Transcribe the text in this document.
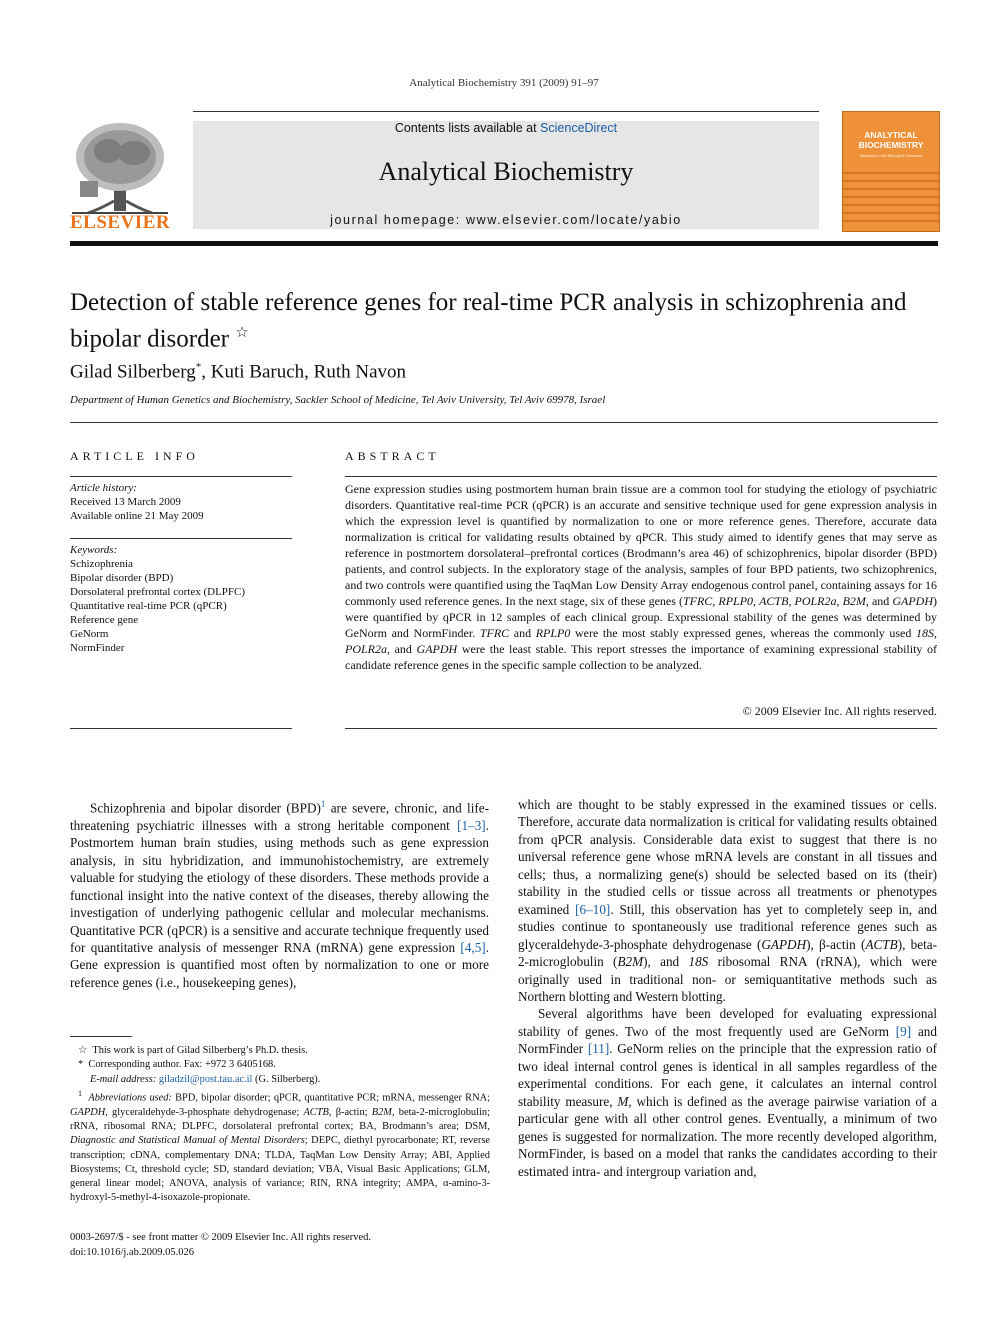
Analytical Biochemistry 391 (2009) 91–97
ELSEVIER
Contents lists available at ScienceDirect
Analytical Biochemistry
journal homepage: www.elsevier.com/locate/yabio
ANALYTICAL
BIOCHEMISTRY
Methods in the Biological Sciences
Detection of stable reference genes for real-time PCR analysis in schizophrenia and bipolar disorder ☆
Gilad Silberberg*, Kuti Baruch, Ruth Navon
Department of Human Genetics and Biochemistry, Sackler School of Medicine, Tel Aviv University, Tel Aviv 69978, Israel
ARTICLE INFO
Article history:
Received 13 March 2009
Available online 21 May 2009
Keywords:
Schizophrenia
Bipolar disorder (BPD)
Dorsolateral prefrontal cortex (DLPFC)
Quantitative real-time PCR (qPCR)
Reference gene
GeNorm
NormFinder
ABSTRACT
Gene expression studies using postmortem human brain tissue are a common tool for studying the etiology of psychiatric disorders. Quantitative real-time PCR (qPCR) is an accurate and sensitive technique used for gene expression analysis in which the expression level is quantified by normalization to one or more reference genes. Therefore, accurate data normalization is critical for validating results obtained by qPCR. This study aimed to identify genes that may serve as reference in postmortem dorsolateral–prefrontal cortices (Brodmann’s area 46) of schizophrenics, bipolar disorder (BPD) patients, and control subjects. In the exploratory stage of the analysis, samples of four BPD patients, two schizophrenics, and two controls were quantified using the TaqMan Low Density Array endogenous control panel, containing assays for 16 commonly used reference genes. In the next stage, six of these genes (TFRC, RPLP0, ACTB, POLR2a, B2M, and GAPDH) were quantified by qPCR in 12 samples of each clinical group. Expressional stability of the genes was determined by GeNorm and NormFinder. TFRC and RPLP0 were the most stably expressed genes, whereas the commonly used 18S, POLR2a, and GAPDH were the least stable. This report stresses the importance of examining expressional stability of candidate reference genes in the specific sample collection to be analyzed.
© 2009 Elsevier Inc. All rights reserved.

Schizophrenia and bipolar disorder (BPD)$^1$ are severe, chronic, and life-threatening psychiatric illnesses with a strong heritable component [1–3]. Postmortem human brain studies, using methods such as gene expression analysis, in situ hybridization, and immunohistochemistry, are extremely valuable for studying the etiology of these disorders. These methods provide a functional insight into the native context of the diseases, thereby allowing the investigation of underlying pathogenic cellular and molecular mechanisms. Quantitative PCR (qPCR) is a sensitive and accurate technique frequently used for quantitative analysis of messenger RNA (mRNA) gene expression [4,5]. Gene expression is quantified most often by normalization to one or more reference genes (i.e., housekeeping genes),

☆ This work is part of Gilad Silberberg’s Ph.D. thesis.

* Corresponding author. Fax: +972 3 6405168.

E-mail address: giladzil@post.tau.ac.il (G. Silberberg).

$^1$ Abbreviations used: BPD, bipolar disorder; qPCR, quantitative PCR; mRNA, messenger RNA; GAPDH, glyceraldehyde-3-phosphate dehydrogenase; ACTB, β-actin; B2M, beta-2-microglobulin; rRNA, ribosomal RNA; DLPFC, dorsolateral prefrontal cortex; BA, Brodmann’s area; DSM, Diagnostic and Statistical Manual of Mental Disorders; DEPC, diethyl pyrocarbonate; RT, reverse transcription; cDNA, complementary DNA; TLDA, TaqMan Low Density Array; ABI, Applied Biosystems; Ct, threshold cycle; SD, standard deviation; VBA, Visual Basic Applications; GLM, general linear model; ANOVA, analysis of variance; RIN, RNA integrity; AMPA, α-amino-3-hydroxyl-5-methyl-4-isoxazole-propionate.

0003-2697/$ - see front matter © 2009 Elsevier Inc. All rights reserved.
doi:10.1016/j.ab.2009.05.026

which are thought to be stably expressed in the examined tissues or cells. Therefore, accurate data normalization is critical for validating results obtained from qPCR analysis. Considerable data exist to suggest that there is no universal reference gene whose mRNA levels are constant in all tissues and cells; thus, a normalizing gene(s) should be selected based on its (their) stability in the studied cells or tissue across all treatments or phenotypes examined [6–10]. Still, this observation has yet to completely seep in, and studies continue to spontaneously use traditional reference genes such as glyceraldehyde-3-phosphate dehydrogenase (GAPDH), β-actin (ACTB), beta-2-microglobulin (B2M), and 18S ribosomal RNA (rRNA), which were originally used in traditional non- or semiquantitative methods such as Northern blotting and Western blotting.

Several algorithms have been developed for evaluating expressional stability of genes. Two of the most frequently used are GeNorm [9] and NormFinder [11]. GeNorm relies on the principle that the expression ratio of two ideal internal control genes is identical in all samples regardless of the experimental conditions. For each gene, it calculates an internal control stability measure, M, which is defined as the average pairwise variation of a particular gene with all other control genes. Eventually, a minimum of two genes is suggested for normalization. The more recently developed algorithm, NormFinder, is based on a model that ranks the candidates according to their estimated intra- and intergroup variation and,
